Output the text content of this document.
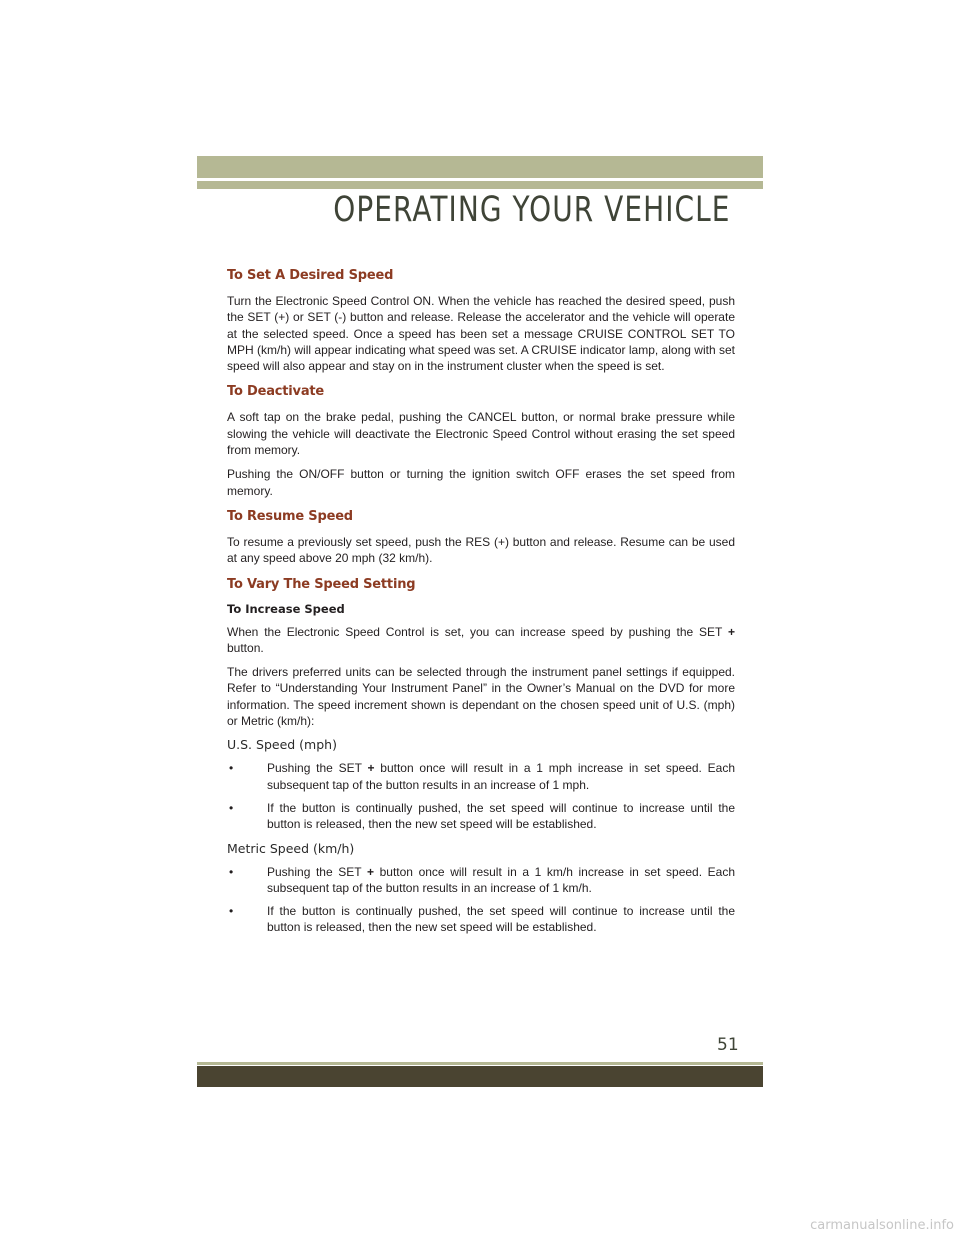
OPERATING YOUR VEHICLE
To Set A Desired Speed

Turn the Electronic Speed Control ON. When the vehicle has reached the desired speed, push the SET (+) or SET (-) button and release. Release the accelerator and the vehicle will operate at the selected speed. Once a speed has been set a message CRUISE CONTROL SET TO MPH (km/h) will appear indicating what speed was set. A CRUISE indicator lamp, along with set speed will also appear and stay on in the instrument cluster when the speed is set.

To Deactivate

A soft tap on the brake pedal, pushing the CANCEL button, or normal brake pressure while slowing the vehicle will deactivate the Electronic Speed Control without erasing the set speed from memory.

Pushing the ON/OFF button or turning the ignition switch OFF erases the set speed from memory.

To Resume Speed

To resume a previously set speed, push the RES (+) button and release. Resume can be used at any speed above 20 mph (32 km/h).

To Vary The Speed Setting
To Increase Speed

When the Electronic Speed Control is set, you can increase speed by pushing the SET + button.

The drivers preferred units can be selected through the instrument panel settings if equipped. Refer to “Understanding Your Instrument Panel” in the Owner’s Manual on the DVD for more information. The speed increment shown is dependant on the chosen speed unit of U.S. (mph) or Metric (km/h):

U.S. Speed (mph)
•	Pushing the SET + button once will result in a 1 mph increase in set speed. Each subsequent tap of the button results in an increase of 1 mph.
•	If the button is continually pushed, the set speed will continue to increase until the button is released, then the new set speed will be established.
Metric Speed (km/h)
•	Pushing the SET + button once will result in a 1 km/h increase in set speed. Each subsequent tap of the button results in an increase of 1 km/h.
•	If the button is continually pushed, the set speed will continue to increase until the button is released, then the new set speed will be established.
51
carmanualsonline.info
